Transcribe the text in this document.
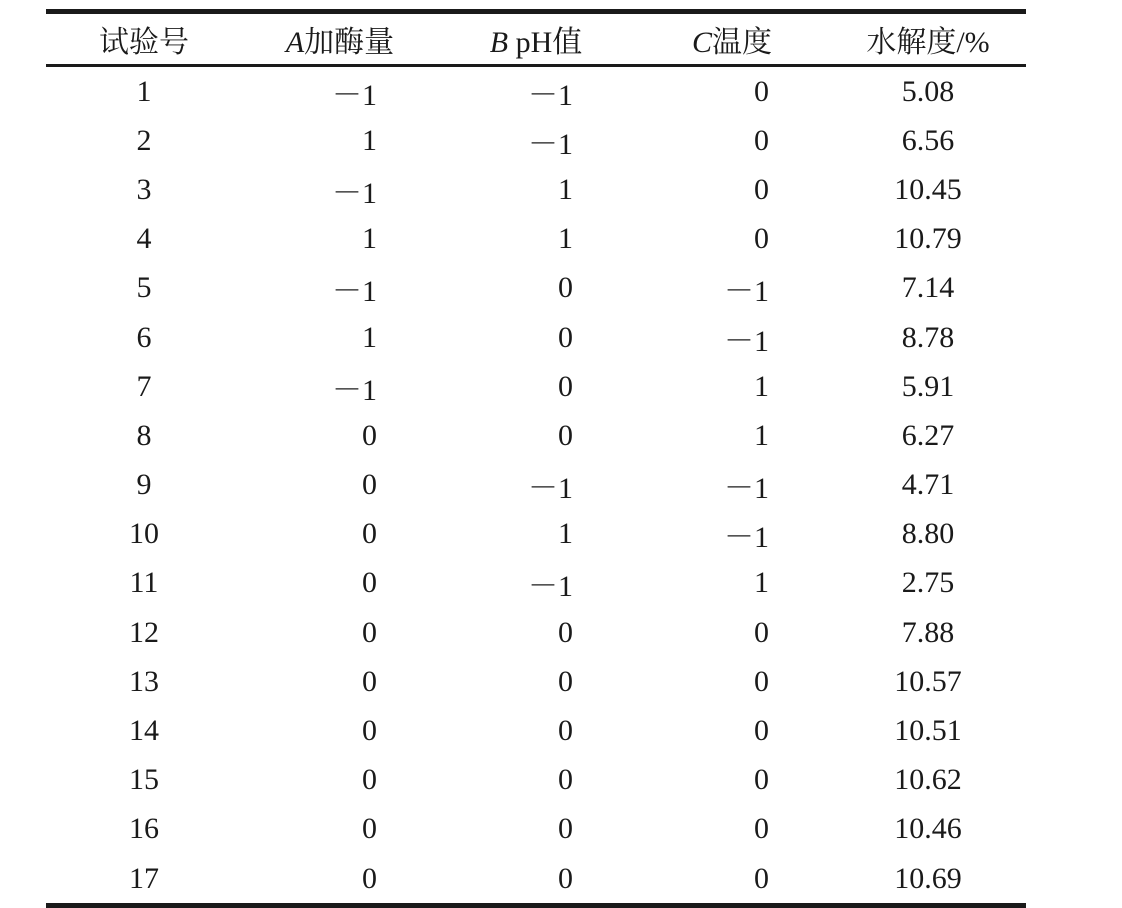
试验号	A加酶量	B pH值	C温度	水解度/%
1	－1	－1	0	5.08
2	1	－1	0	6.56
3	－1	1	0	10.45
4	1	1	0	10.79
5	－1	0	－1	7.14
6	1	0	－1	8.78
7	－1	0	1	5.91
8	0	0	1	6.27
9	0	－1	－1	4.71
10	0	1	－1	8.80
11	0	－1	1	2.75
12	0	0	0	7.88
13	0	0	0	10.57
14	0	0	0	10.51
15	0	0	0	10.62
16	0	0	0	10.46
17	0	0	0	10.69
